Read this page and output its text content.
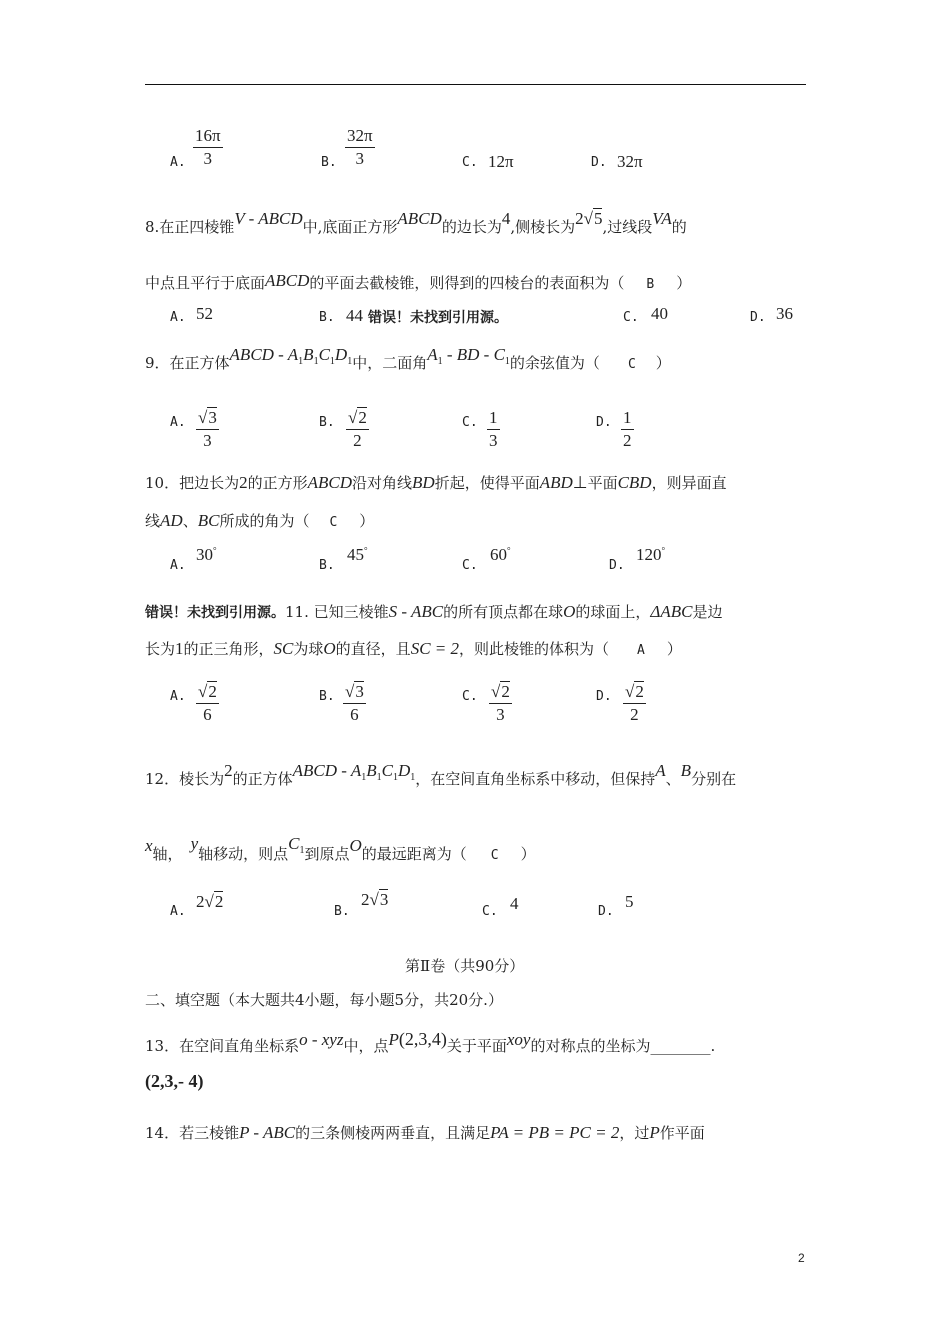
A.
16π
3	B.
32π
3	C. 12π	D. 32π
8.在正四棱锥V - ABCD中,底面正方形ABCD的边长为4,侧棱长为2√5,过线段VA的
中点且平行于底面ABCD的平面去截棱锥，则得到的四棱台的表面积为（ B ）
A. 52	B. 44 错误！未找到引用源。	C. 40	D. 36
9．在正方体ABCD - $A_1B_1C_1D_1$中，二面角$A_1$ - BD - $C_1$的余弦值为（ C ）
A. √3
3
B. √2
2
C. 1
3
D. 1
2
10．把边长为2的正方形ABCD沿对角线BD折起，使得平面ABD⊥平面CBD，则异面直
线AD、BC所成的角为（ C ）
A.
30°
B.
45°
C.
60°
D.
120°
错误！未找到引用源。11. 已知三棱锥S - ABC的所有顶点都在球O的球面上，ΔABC是边
长为1的正三角形，SC为球O的直径，且SC = 2，则此棱锥的体积为（ A ）
A. √2
6
B. √3
6
C. √2
3
D. √2
2
12．棱长为2的正方体ABCD - $A_1B_1C_1D_1$，在空间直角坐标系中移动，但保持A、B分别在
x轴，y轴移动，则点$C_1$到原点O的最远距离为（ C ）
A.
2√2
B.
2√3
C. 4	D.
5
第Ⅱ卷（共90分）
二、填空题（本大题共4小题，每小题5分，共20分.）
13．在空间直角坐标系o - xyz中，点P(2,3,4)关于平面xoy的对称点的坐标为________.
(2,3,- 4)
14．若三棱锥P - ABC的三条侧棱两两垂直，且满足PA = PB = PC = 2，过P作平面
2
